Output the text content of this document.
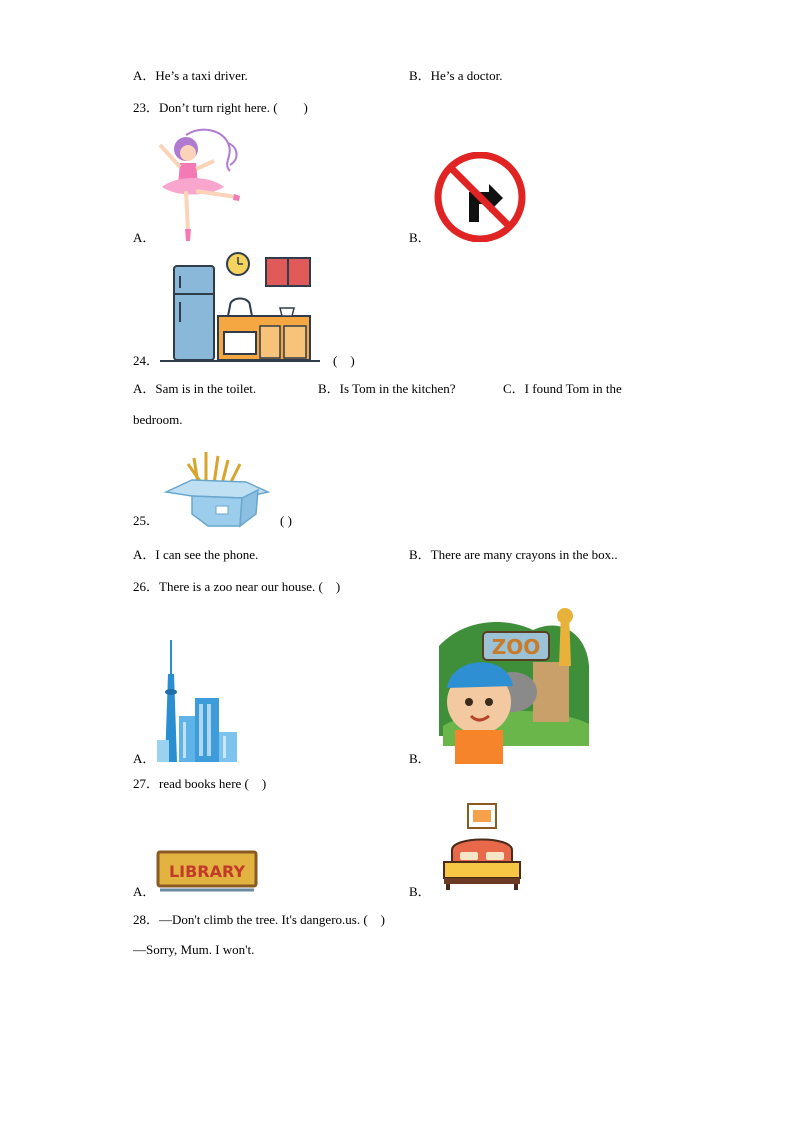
A．He’s a taxi driver.	B．He’s a doctor.
23．Don’t turn right here. (　　)
A．	B．
24．	(　)
A．Sam is in the toilet.	B．Is Tom in the kitchen?	C．I found Tom in the
bedroom.
25．	( )
A．I can see the phone.	B．There are many crayons in the box..
26．There is a zoo near our house. (　)
A．
ZOO
B．
27．read books here (　)
LIBRARY
A．	B．
28．—Don't climb the tree. It's dangero.us. (　)
—Sorry, Mum. I won't.
